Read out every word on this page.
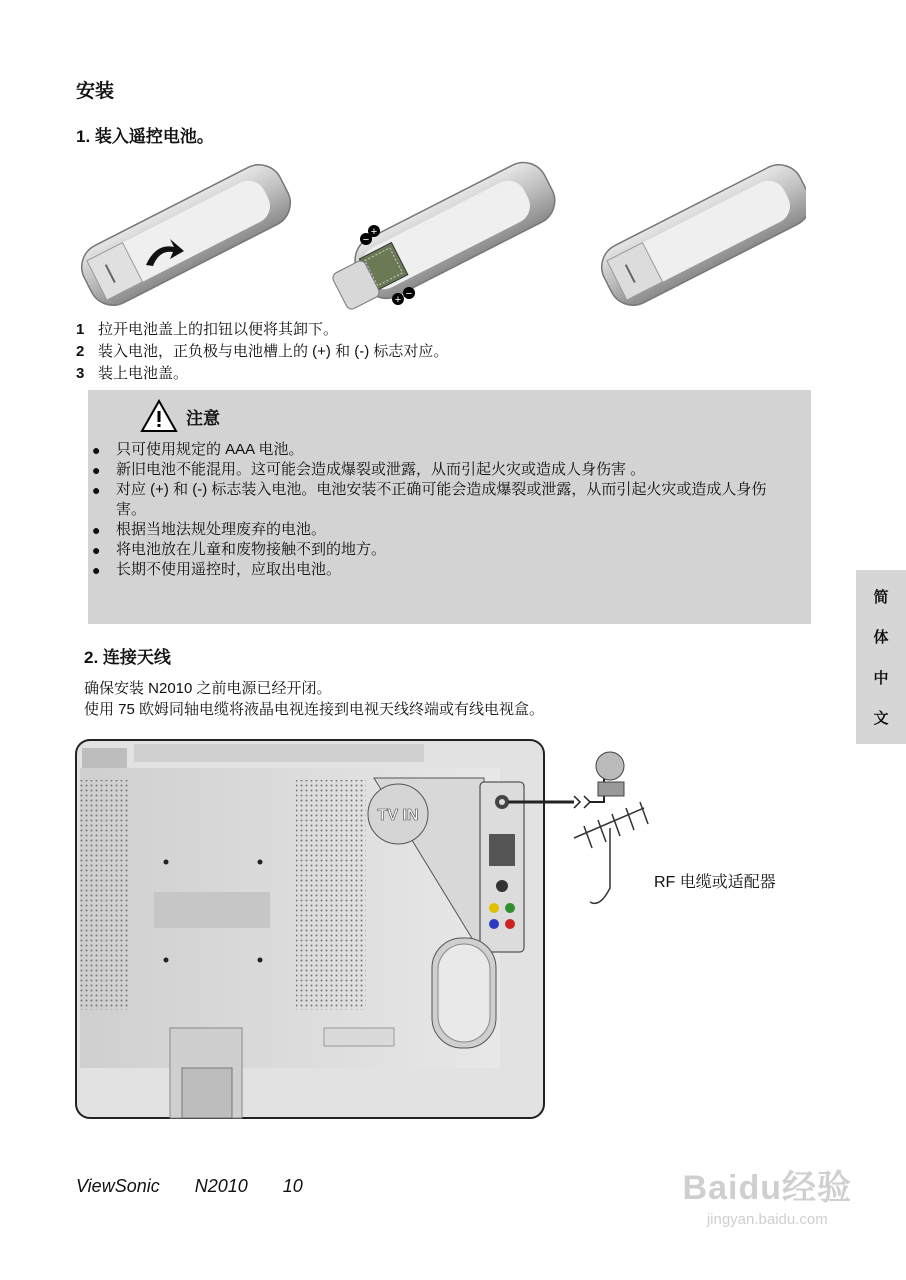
安装
1. 装入遥控电池。
−
+
+ −
1 拉开电池盖上的扣钮以便将其卸下。
2 装入电池，正负极与电池槽上的 (+) 和 (-) 标志对应。
3 装上电池盖。
注意
●	只可使用规定的 AAA 电池。
●	新旧电池不能混用。这可能会造成爆裂或泄露，从而引起火灾或造成人身伤害 。
●	对应 (+) 和 (-) 标志装入电池。电池安装不正确可能会造成爆裂或泄露，从而引起火灾或造成人身伤害。
●	根据当地法规处理废弃的电池。
●	将电池放在儿童和废物接触不到的地方。
●	长期不使用遥控时，应取出电池。
2. 连接天线
确保安装 N2010 之前电源已经开闭。
使用 75 欧姆同轴电缆将液晶电视连接到电视天线终端或有线电视盒。
TV IN
RF 电缆或适配器
简
体
中
文
ViewSonic N2010 10	Baidu经验
jingyan.baidu.com
